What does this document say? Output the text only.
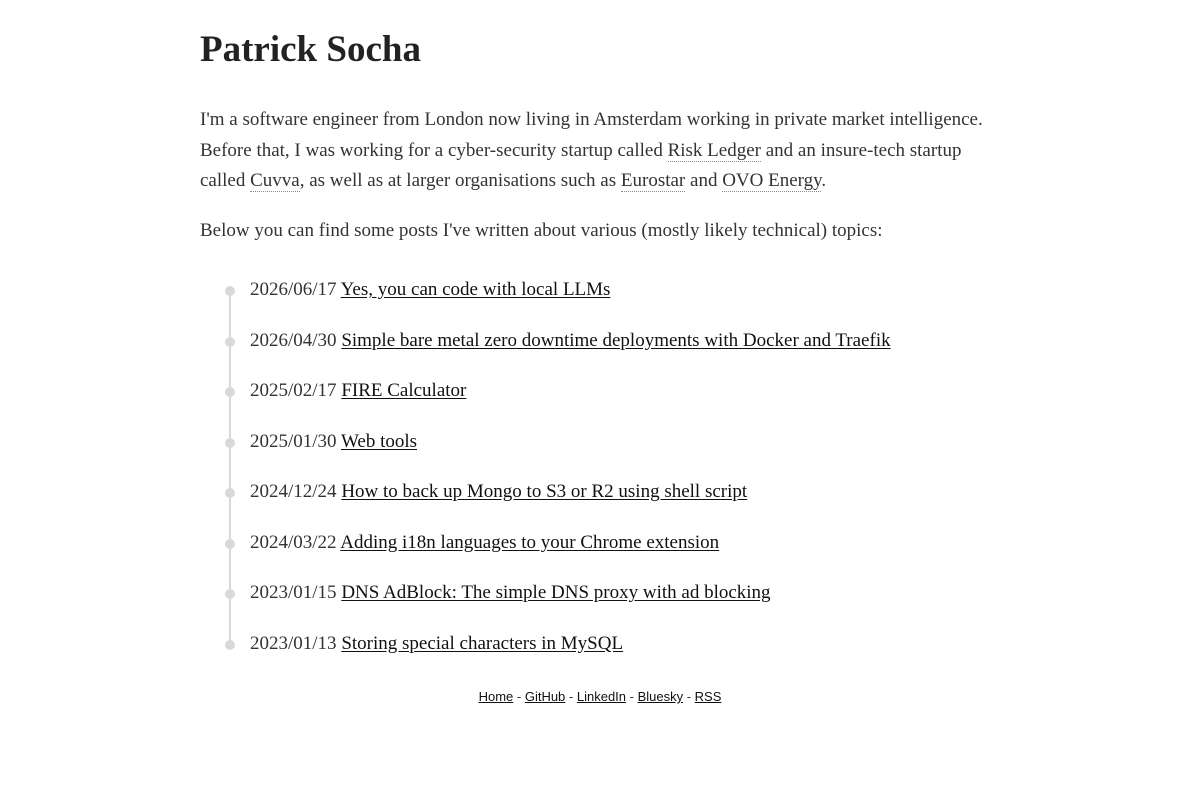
Patrick Socha

I'm a software engineer from London now living in Amsterdam working in private market intelligence. Before that, I was working for a cyber-security startup called Risk Ledger and an insure-tech startup called Cuvva, as well as at larger organisations such as Eurostar and OVO Energy.

Below you can find some posts I've written about various (mostly likely technical) topics:

2026/06/17 Yes, you can code with local LLMs
2026/04/30 Simple bare metal zero downtime deployments with Docker and Traefik
2025/02/17 FIRE Calculator
2025/01/30 Web tools
2024/12/24 How to back up Mongo to S3 or R2 using shell script
2024/03/22 Adding i18n languages to your Chrome extension
2023/01/15 DNS AdBlock: The simple DNS proxy with ad blocking
2023/01/13 Storing special characters in MySQL
Home - GitHub - LinkedIn - Bluesky - RSS
